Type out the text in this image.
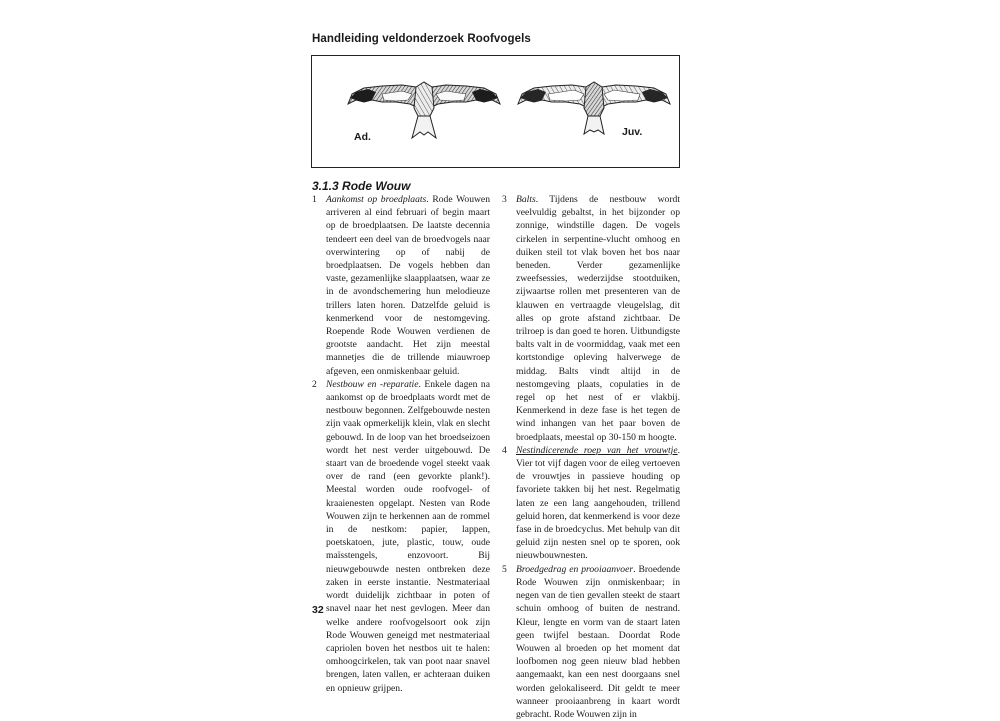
Handleiding veldonderzoek Roofvogels
Ad.	Juv.
3.1.3 Rode Wouw

1 Aankomst op broedplaats. Rode Wouwen arriveren al eind februari of begin maart op de broedplaatsen. De laatste decennia tendeert een deel van de broedvogels naar overwintering op of nabij de broedplaatsen. De vogels hebben dan vaste, gezamenlijke slaapplaatsen, waar ze in de avondschemering hun melodieuze trillers laten horen. Datzelfde geluid is kenmerkend voor de nestomgeving. Roepende Rode Wouwen verdienen de grootste aandacht. Het zijn meestal mannetjes die de trillende miauwroep afgeven, een onmiskenbaar geluid.

2 Nestbouw en -reparatie. Enkele dagen na aankomst op de broedplaats wordt met de nestbouw begonnen. Zelfgebouwde nesten zijn vaak opmerkelijk klein, vlak en slecht gebouwd. In de loop van het broedseizoen wordt het nest verder uitgebouwd. De staart van de broedende vogel steekt vaak over de rand (een gevorkte plank!). Meestal worden oude roofvogel- of kraaienesten opgelapt. Nesten van Rode Wouwen zijn te herkennen aan de rommel in de nestkom: papier, lappen, poetskatoen, jute, plastic, touw, oude maïsstengels, enzovoort. Bij nieuwgebouwde nesten ontbreken deze zaken in eerste instantie. Nestmateriaal wordt duidelijk zichtbaar in poten of snavel naar het nest gevlogen. Meer dan welke andere roofvogelsoort ook zijn Rode Wouwen geneigd met nestmateriaal capriolen boven het nestbos uit te halen: omhoogcirkelen, tak van poot naar snavel brengen, laten vallen, er achteraan duiken en opnieuw grijpen.

3 Balts. Tijdens de nestbouw wordt veelvuldig gebaltst, in het bijzonder op zonnige, windstille dagen. De vogels cirkelen in serpentine-vlucht omhoog en duiken steil tot vlak boven het bos naar beneden. Verder gezamenlijke zweefsessies, wederzijdse stootduiken, zijwaartse rollen met presenteren van de klauwen en vertraagde vleugelslag, dit alles op grote afstand zichtbaar. De trilroep is dan goed te horen. Uitbundigste balts valt in de voormiddag, vaak met een kortstondige opleving halverwege de middag. Balts vindt altijd in de nestomgeving plaats, copulaties in de regel op het nest of er vlakbij. Kenmerkend in deze fase is het tegen de wind inhangen van het paar boven de broedplaats, meestal op 30-150 m hoogte.

4 Nestindicerende roep van het vrouwtje. Vier tot vijf dagen voor de eileg vertoeven de vrouwtjes in passieve houding op favoriete takken bij het nest. Regelmatig laten ze een lang aangehouden, trillend geluid horen, dat kenmerkend is voor deze fase in de broedcyclus. Met behulp van dit geluid zijn nesten snel op te sporen, ook nieuwbouwnesten.

5 Broedgedrag en prooiaanvoer. Broedende Rode Wouwen zijn onmiskenbaar; in negen van de tien gevallen steekt de staart schuin omhoog of buiten de nestrand. Kleur, lengte en vorm van de staart laten geen twijfel bestaan. Doordat Rode Wouwen al broeden op het moment dat loofbomen nog geen nieuw blad hebben aangemaakt, kan een nest doorgaans snel worden gelokaliseerd. Dit geldt te meer wanneer prooiaanbreng in kaart wordt gebracht. Rode Wouwen zijn in

32
